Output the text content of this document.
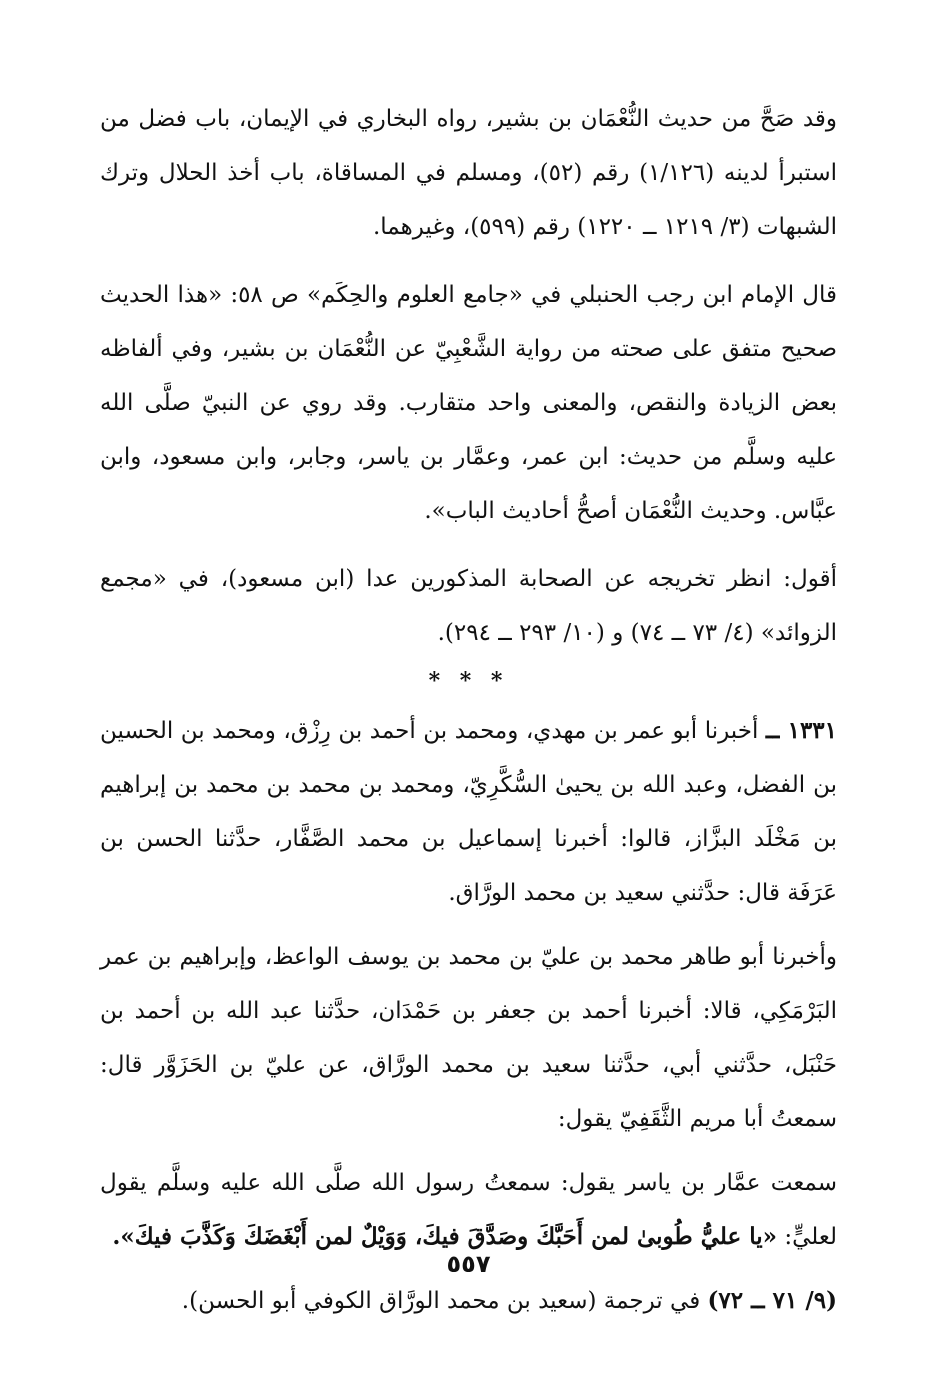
وقد صَحَّ من حديث النُّعْمَان بن بشير، رواه البخاري في الإيمان، باب فضل من استبرأ لدينه (١/١٢٦) رقم (٥٢)، ومسلم في المساقاة، باب أخذ الحلال وترك الشبهات (٣/ ١٢١٩ ــ ١٢٢٠) رقم (٥٩٩)، وغيرهما.

قال الإمام ابن رجب الحنبلي في «جامع العلوم والحِكَم» ص ٥٨: «هذا الحديث صحيح متفق على صحته من رواية الشَّعْبِيّ عن النُّعْمَان بن بشير، وفي ألفاظه بعض الزيادة والنقص، والمعنى واحد متقارب. وقد روي عن النبيّ صلَّى الله عليه وسلَّم من حديث: ابن عمر، وعمَّار بن ياسر، وجابر، وابن مسعود، وابن عبَّاس. وحديث النُّعْمَان أصحُّ أحاديث الباب».

أقول: انظر تخريجه عن الصحابة المذكورين عدا (ابن مسعود)، في «مجمع الزوائد» (٤/ ٧٣ ــ ٧٤) و (١٠/ ٢٩٣ ــ ٢٩٤).

* * *

١٣٣١ ــ أخبرنا أبو عمر بن مهدي، ومحمد بن أحمد بن رِزْق، ومحمد بن الحسين بن الفضل، وعبد الله بن يحيىٰ السُّكَّرِيّ، ومحمد بن محمد بن محمد بن إبراهيم بن مَخْلَد البزَّاز، قالوا: أخبرنا إسماعيل بن محمد الصَّفَّار، حدَّثنا الحسن بن عَرَفَة قال: حدَّثني سعيد بن محمد الورَّاق.

وأخبرنا أبو طاهر محمد بن عليّ بن محمد بن يوسف الواعظ، وإبراهيم بن عمر البَرْمَكِي، قالا: أخبرنا أحمد بن جعفر بن حَمْدَان، حدَّثنا عبد الله بن أحمد بن حَنْبَل، حدَّثني أبي، حدَّثنا سعيد بن محمد الورَّاق، عن عليّ بن الحَزَوَّر قال: سمعتُ أبا مريم الثَّقَفِيّ يقول:

سمعت عمَّار بن ياسر يقول: سمعتُ رسول الله صلَّى الله عليه وسلَّم يقول لعليٍّ: «يا عليُّ طُوبىٰ لمن أَحَبَّكَ وصَدَّقَ فيكَ، وَوَيْلٌ لمن أَبْغَضَكَ وَكَذَّبَ فيكَ».

(٩/ ٧١ ــ ٧٢) في ترجمة (سعيد بن محمد الورَّاق الكوفي أبو الحسن).

٥٥٧
